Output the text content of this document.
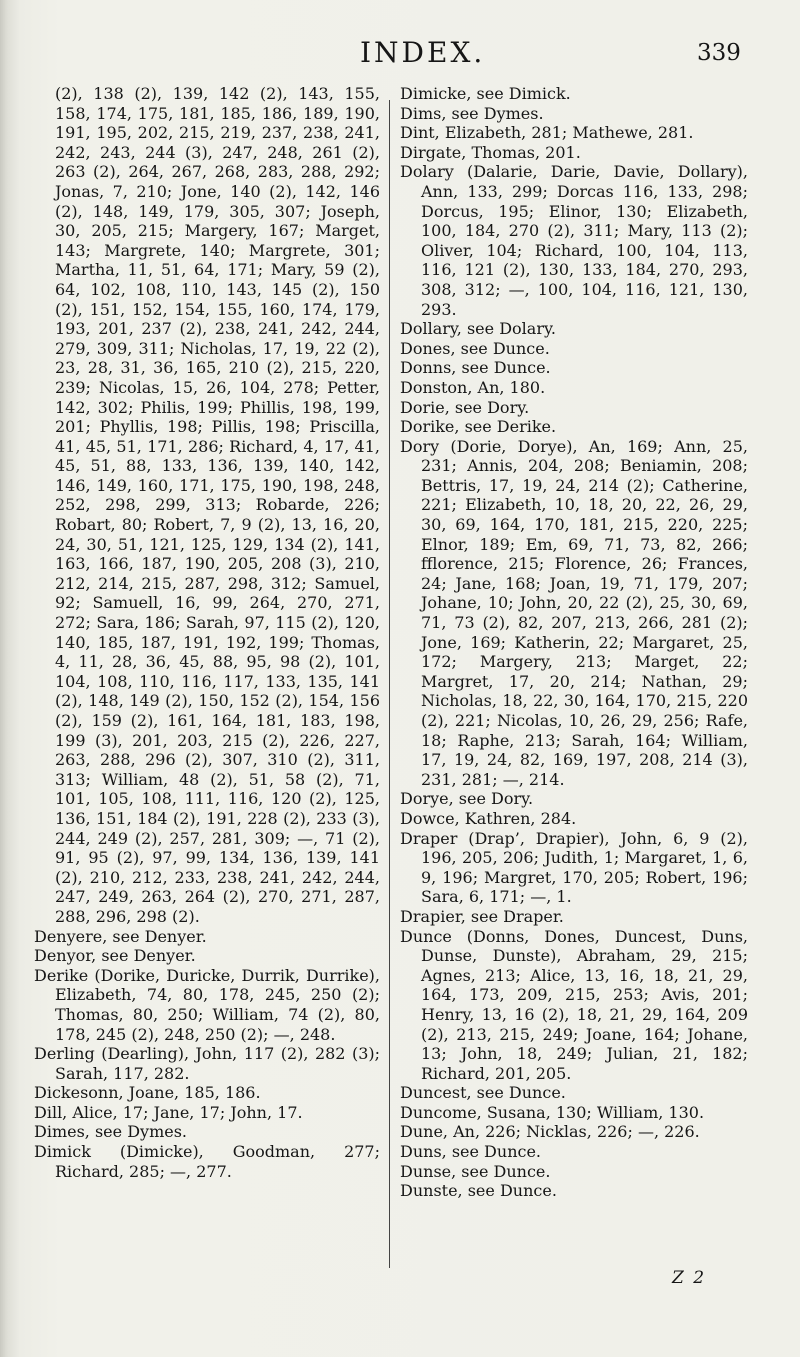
INDEX.	339

(2), 138 (2), 139, 142 (2), 143, 155, 158, 174, 175, 181, 185, 186, 189, 190, 191, 195, 202, 215, 219, 237, 238, 241, 242, 243, 244 (3), 247, 248, 261 (2), 263 (2), 264, 267, 268, 283, 288, 292; Jonas, 7, 210; Jone, 140 (2), 142, 146 (2), 148, 149, 179, 305, 307; Joseph, 30, 205, 215; Margery, 167; Marget, 143; Margrete, 140; Margrete, 301; Martha, 11, 51, 64, 171; Mary, 59 (2), 64, 102, 108, 110, 143, 145 (2), 150 (2), 151, 152, 154, 155, 160, 174, 179, 193, 201, 237 (2), 238, 241, 242, 244, 279, 309, 311; Nicholas, 17, 19, 22 (2), 23, 28, 31, 36, 165, 210 (2), 215, 220, 239; Nicolas, 15, 26, 104, 278; Petter, 142, 302; Philis, 199; Phillis, 198, 199, 201; Phyllis, 198; Pillis, 198; Priscilla, 41, 45, 51, 171, 286; Richard, 4, 17, 41, 45, 51, 88, 133, 136, 139, 140, 142, 146, 149, 160, 171, 175, 190, 198, 248, 252, 298, 299, 313; Robarde, 226; Robart, 80; Robert, 7, 9 (2), 13, 16, 20, 24, 30, 51, 121, 125, 129, 134 (2), 141, 163, 166, 187, 190, 205, 208 (3), 210, 212, 214, 215, 287, 298, 312; Samuel, 92; Samuell, 16, 99, 264, 270, 271, 272; Sara, 186; Sarah, 97, 115 (2), 120, 140, 185, 187, 191, 192, 199; Thomas, 4, 11, 28, 36, 45, 88, 95, 98 (2), 101, 104, 108, 110, 116, 117, 133, 135, 141 (2), 148, 149 (2), 150, 152 (2), 154, 156 (2), 159 (2), 161, 164, 181, 183, 198, 199 (3), 201, 203, 215 (2), 226, 227, 263, 288, 296 (2), 307, 310 (2), 311, 313; William, 48 (2), 51, 58 (2), 71, 101, 105, 108, 111, 116, 120 (2), 125, 136, 151, 184 (2), 191, 228 (2), 233 (3), 244, 249 (2), 257, 281, 309; —, 71 (2), 91, 95 (2), 97, 99, 134, 136, 139, 141 (2), 210, 212, 233, 238, 241, 242, 244, 247, 249, 263, 264 (2), 270, 271, 287, 288, 296, 298 (2).

Denyere, see Denyer.

Denyor, see Denyer.

Derike (Dorike, Duricke, Durrik, Durrike), Elizabeth, 74, 80, 178, 245, 250 (2); Thomas, 80, 250; William, 74 (2), 80, 178, 245 (2), 248, 250 (2); —, 248.

Derling (Dearling), John, 117 (2), 282 (3); Sarah, 117, 282.

Dickesonn, Joane, 185, 186.

Dill, Alice, 17; Jane, 17; John, 17.

Dimes, see Dymes.

Dimick (Dimicke), Goodman, 277; Richard, 285; —, 277.

Dimicke, see Dimick.

Dims, see Dymes.

Dint, Elizabeth, 281; Mathewe, 281.

Dirgate, Thomas, 201.

Dolary (Dalarie, Darie, Davie, Dollary), Ann, 133, 299; Dorcas 116, 133, 298; Dorcus, 195; Elinor, 130; Elizabeth, 100, 184, 270 (2), 311; Mary, 113 (2); Oliver, 104; Richard, 100, 104, 113, 116, 121 (2), 130, 133, 184, 270, 293, 308, 312; —, 100, 104, 116, 121, 130, 293.

Dollary, see Dolary.

Dones, see Dunce.

Donns, see Dunce.

Donston, An, 180.

Dorie, see Dory.

Dorike, see Derike.

Dory (Dorie, Dorye), An, 169; Ann, 25, 231; Annis, 204, 208; Beniamin, 208; Bettris, 17, 19, 24, 214 (2); Catherine, 221; Elizabeth, 10, 18, 20, 22, 26, 29, 30, 69, 164, 170, 181, 215, 220, 225; Elnor, 189; Em, 69, 71, 73, 82, 266; fflorence, 215; Florence, 26; Frances, 24; Jane, 168; Joan, 19, 71, 179, 207; Johane, 10; John, 20, 22 (2), 25, 30, 69, 71, 73 (2), 82, 207, 213, 266, 281 (2); Jone, 169; Katherin, 22; Margaret, 25, 172; Margery, 213; Marget, 22; Margret, 17, 20, 214; Nathan, 29; Nicholas, 18, 22, 30, 164, 170, 215, 220 (2), 221; Nicolas, 10, 26, 29, 256; Rafe, 18; Raphe, 213; Sarah, 164; William, 17, 19, 24, 82, 169, 197, 208, 214 (3), 231, 281; —, 214.

Dorye, see Dory.

Dowce, Kathren, 284.

Draper (Drap’, Drapier), John, 6, 9 (2), 196, 205, 206; Judith, 1; Margaret, 1, 6, 9, 196; Margret, 170, 205; Robert, 196; Sara, 6, 171; —, 1.

Drapier, see Draper.

Dunce (Donns, Dones, Duncest, Duns, Dunse, Dunste), Abraham, 29, 215; Agnes, 213; Alice, 13, 16, 18, 21, 29, 164, 173, 209, 215, 253; Avis, 201; Henry, 13, 16 (2), 18, 21, 29, 164, 209 (2), 213, 215, 249; Joane, 164; Johane, 13; John, 18, 249; Julian, 21, 182; Richard, 201, 205.

Duncest, see Dunce.

Duncome, Susana, 130; William, 130.

Dune, An, 226; Nicklas, 226; —, 226.

Duns, see Dunce.

Dunse, see Dunce.

Dunste, see Dunce.

Z 2
